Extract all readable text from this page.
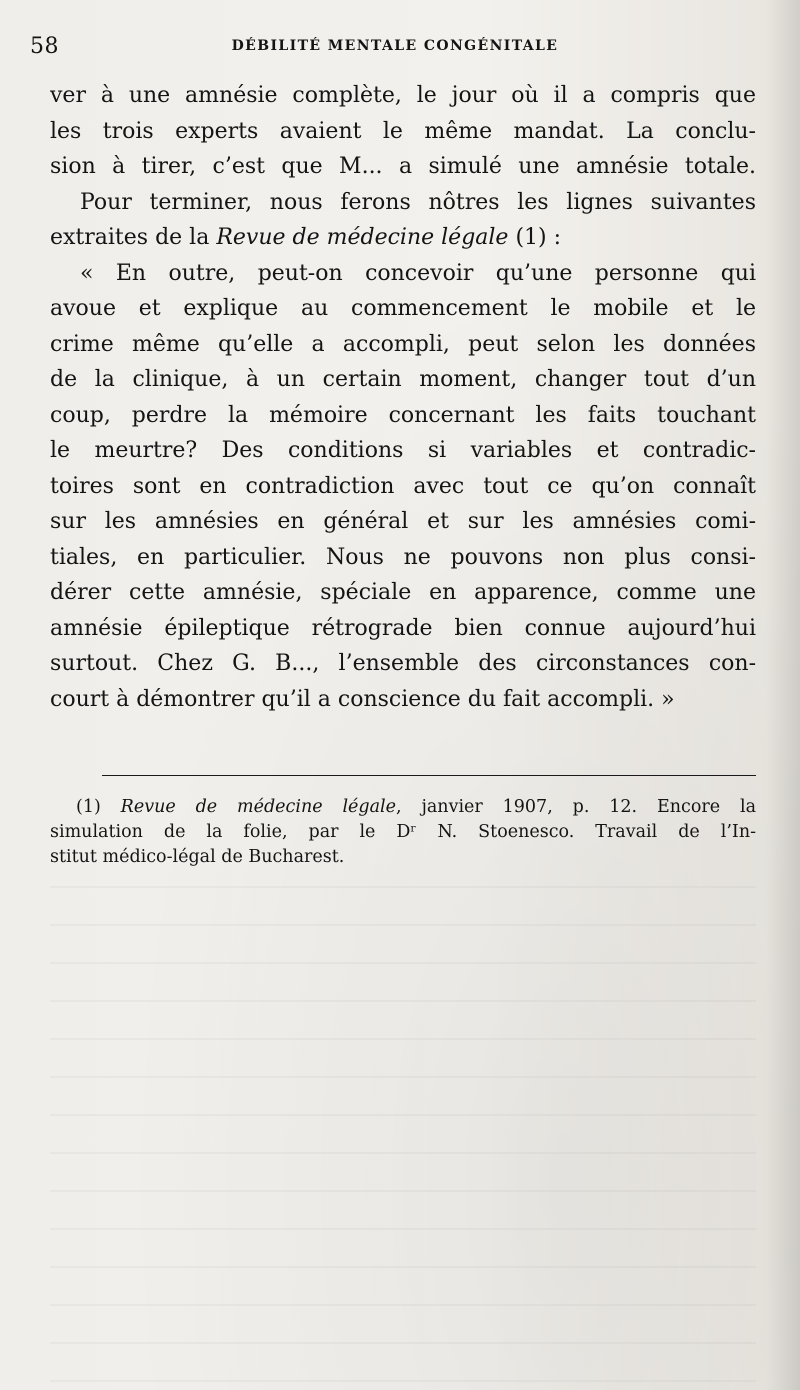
58	DÉBILITÉ MENTALE CONGÉNITALE
ver à une amnésie complète, le jour où il a compris que
les trois experts avaient le même mandat. La conclu-
sion à tirer, c’est que M... a simulé une amnésie totale.
Pour terminer, nous ferons nôtres les lignes suivantes
extraites de la Revue de médecine légale (1) :
« En outre, peut-on concevoir qu’une personne qui
avoue et explique au commencement le mobile et le
crime même qu’elle a accompli, peut selon les données
de la clinique, à un certain moment, changer tout d’un
coup, perdre la mémoire concernant les faits touchant
le meurtre? Des conditions si variables et contradic-
toires sont en contradiction avec tout ce qu’on connaît
sur les amnésies en général et sur les amnésies comi-
tiales, en particulier. Nous ne pouvons non plus consi-
dérer cette amnésie, spéciale en apparence, comme une
amnésie épileptique rétrograde bien connue aujourd’hui
surtout. Chez G. B..., l’ensemble des circonstances con-
court à démontrer qu’il a conscience du fait accompli. »
(1) Revue de médecine légale, janvier 1907, p. 12. Encore la
simulation de la folie, par le Dʳ N. Stoenesco. Travail de l’In-
stitut médico-légal de Bucharest.
